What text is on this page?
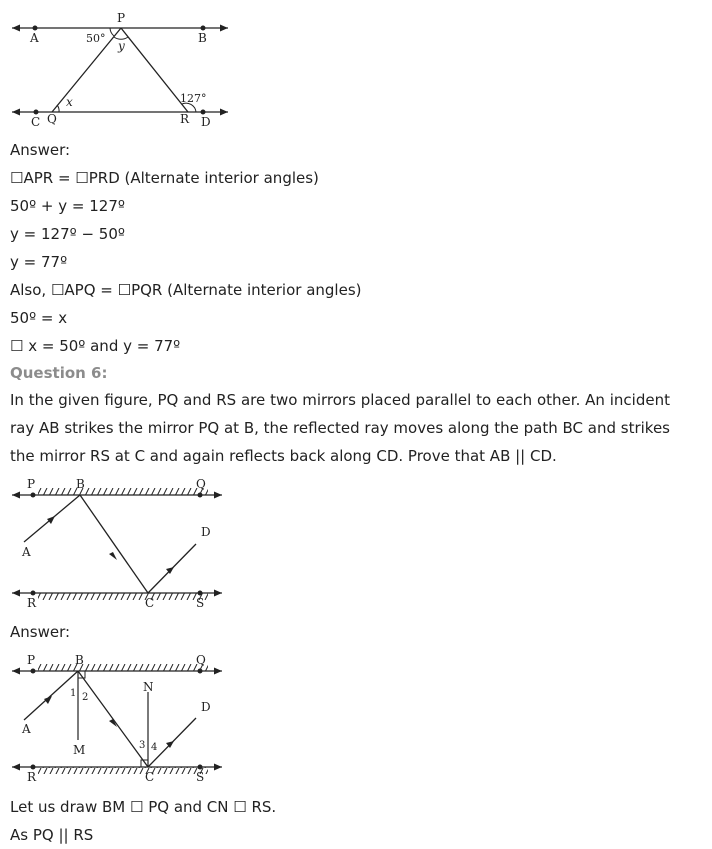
A	B
P
C Q	R D
50°
y
x	127°
Answer:
☐APR = ☐PRD (Alternate interior angles)
50º + y = 127º
y = 127º − 50º
y = 77º
Also, ☐APQ = ☐PQR (Alternate interior angles)
50º = x
☐ x = 50º and y = 77º
Question 6:
In the given figure, PQ and RS are two mirrors placed parallel to each other. An incident ray AB strikes the mirror PQ at B, the reflected ray moves along the path BC and strikes the mirror RS at C and again reflects back along CD. Prove that AB || CD.
P	B	Q
D
A
R	C	S
Answer:
P	B	Q
N
D
A
M
R	C	S
1 2
3 4
Let us draw BM ☐ PQ and CN ☐ RS.
As PQ || RS
